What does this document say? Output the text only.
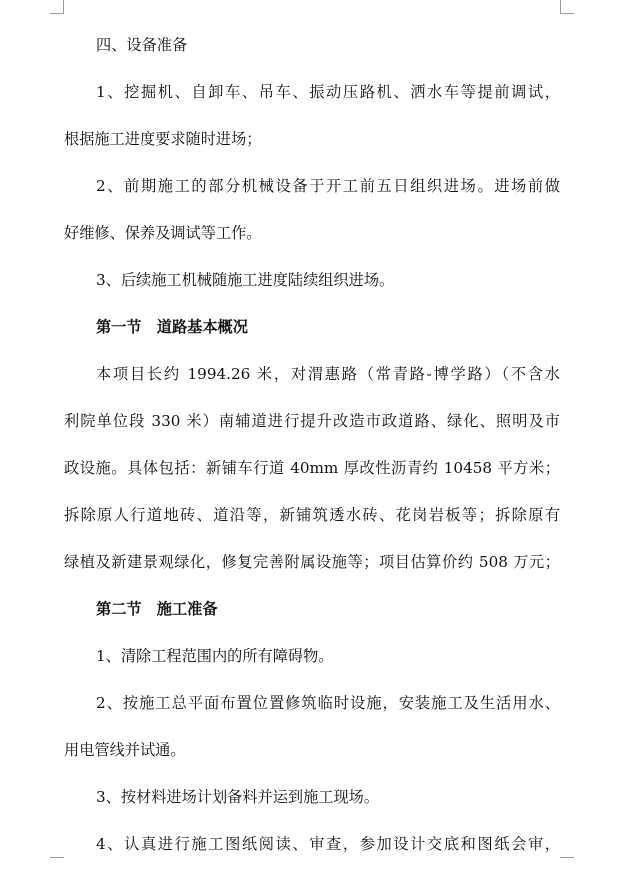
四、设备准备
1、挖掘机、自卸车、吊车、振动压路机、洒水车等提前调试，
根据施工进度要求随时进场；
2、前期施工的部分机械设备于开工前五日组织进场。进场前做
好维修、保养及调试等工作。
3、后续施工机械随施工进度陆续组织进场。
第一节　道路基本概况
本项目长约 1994.26 米，对渭惠路（常青路-博学路）（不含水
利院单位段 330 米）南辅道进行提升改造市政道路、绿化、照明及市
政设施。具体包括：新铺车行道 40mm 厚改性沥青约 10458 平方米；
拆除原人行道地砖、道沿等，新铺筑透水砖、花岗岩板等；拆除原有
绿植及新建景观绿化，修复完善附属设施等；项目估算价约 508 万元；
第二节　施工准备
1、清除工程范围内的所有障碍物。
2、按施工总平面布置位置修筑临时设施，安装施工及生活用水、
用电管线并试通。
3、按材料进场计划备料并运到施工现场。
4、认真进行施工图纸阅读、审查，参加设计交底和图纸会审，
